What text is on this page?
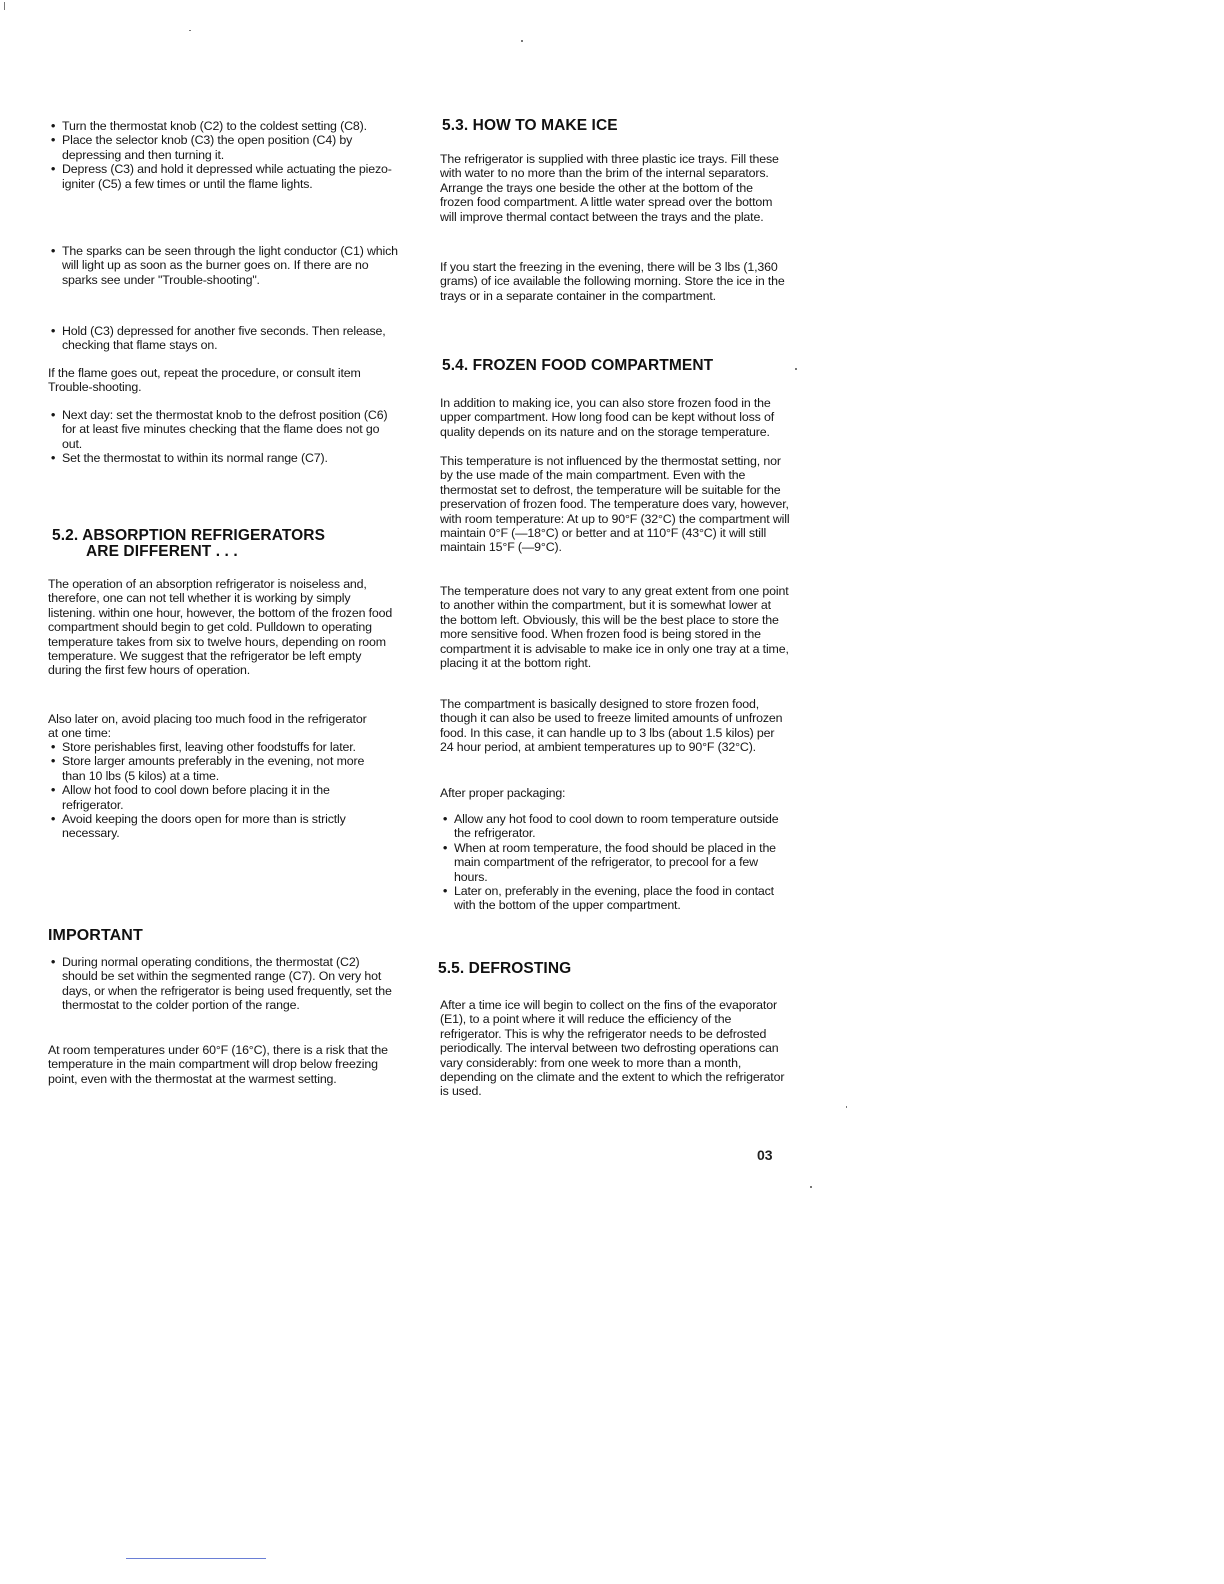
• Turn the thermostat knob (C2) to the coldest setting (C8).
• Place the selector knob (C3) the open position (C4) by depressing and then turning it.
• Depress (C3) and hold it depressed while actuating the piezo-igniter (C5) a few times or until the flame lights.
• The sparks can be seen through the light conductor (C1) which will light up as soon as the burner goes on. If there are no sparks see under "Trouble-shooting".
• Hold (C3) depressed for another five seconds. Then release, checking that flame stays on.

If the flame goes out, repeat the procedure, or consult item Trouble-shooting.

• Next day: set the thermostat knob to the defrost position (C6) for at least five minutes checking that the flame does not go out.
• Set the thermostat to within its normal range (C7).
5.2. ABSORPTION REFRIGERATORS
ARE DIFFERENT . . .

The operation of an absorption refrigerator is noiseless and, therefore, one can not tell whether it is working by simply listening. within one hour, however, the bottom of the frozen food compartment should begin to get cold. Pulldown to operating temperature takes from six to twelve hours, depending on room temperature. We suggest that the refrigerator be left empty during the first few hours of operation.

Also later on, avoid placing too much food in the refrigerator at one time:

• Store perishables first, leaving other foodstuffs for later.
• Store larger amounts preferably in the evening, not more than 10 lbs (5 kilos) at a time.
• Allow hot food to cool down before placing it in the refrigerator.
• Avoid keeping the doors open for more than is strictly necessary.
IMPORTANT
• During normal operating conditions, the thermostat (C2) should be set within the segmented range (C7). On very hot days, or when the refrigerator is being used frequently, set the thermostat to the colder portion of the range.

At room temperatures under 60°F (16°C), there is a risk that the temperature in the main compartment will drop below freezing point, even with the thermostat at the warmest setting.

5.3. HOW TO MAKE ICE

The refrigerator is supplied with three plastic ice trays. Fill these with water to no more than the brim of the internal separators. Arrange the trays one beside the other at the bottom of the frozen food compartment. A little water spread over the bottom will improve thermal contact between the trays and the plate.

If you start the freezing in the evening, there will be 3 lbs (1,360 grams) of ice available the following morning. Store the ice in the trays or in a separate container in the compartment.

5.4. FROZEN FOOD COMPARTMENT

In addition to making ice, you can also store frozen food in the upper compartment. How long food can be kept without loss of quality depends on its nature and on the storage temperature.

This temperature is not influenced by the thermostat setting, nor by the use made of the main compartment. Even with the thermostat set to defrost, the temperature will be suitable for the preservation of frozen food. The temperature does vary, however, with room temperature: At up to 90°F (32°C) the compartment will maintain 0°F (—18°C) or better and at 110°F (43°C) it will still maintain 15°F (—9°C).

The temperature does not vary to any great extent from one point to another within the compartment, but it is somewhat lower at the bottom left. Obviously, this will be the best place to store the more sensitive food. When frozen food is being stored in the compartment it is advisable to make ice in only one tray at a time, placing it at the bottom right.

The compartment is basically designed to store frozen food, though it can also be used to freeze limited amounts of unfrozen food. In this case, it can handle up to 3 lbs (about 1.5 kilos) per 24 hour period, at ambient temperatures up to 90°F (32°C).

After proper packaging:

• Allow any hot food to cool down to room temperature outside the refrigerator.
• When at room temperature, the food should be placed in the main compartment of the refrigerator, to precool for a few hours.
• Later on, preferably in the evening, place the food in contact with the bottom of the upper compartment.
5.5. DEFROSTING

After a time ice will begin to collect on the fins of the evaporator (E1), to a point where it will reduce the efficiency of the refrigerator. This is why the refrigerator needs to be defrosted periodically. The interval between two defrosting operations can vary considerably: from one week to more than a month, depending on the climate and the extent to which the refrigerator is used.

03
